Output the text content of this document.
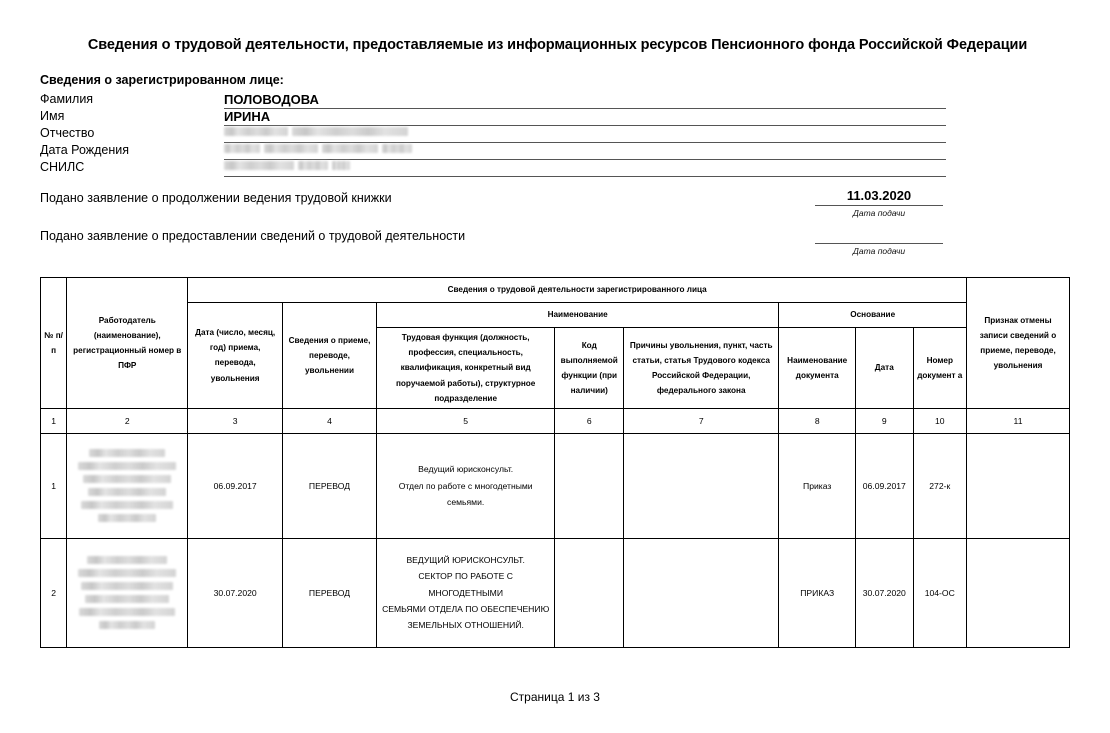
Сведения о трудовой деятельности, предоставляемые из информационных ресурсов Пенсионного фонда Российской Федерации
Сведения о зарегистрированном лице:
Фамилия	ПОЛОВОДОВА
Имя	ИРИНА
Отчество
Дата Рождения
СНИЛС
Подано заявление о продолжении ведения трудовой книжки	11.03.2020
Дата подачи
Подано заявление о предоставлении сведений о трудовой деятельности
Дата подачи
№ п/п	Работодатель (наименование), регистрационный номер в ПФР	Сведения о трудовой деятельности зарегистрированного лица								Признак отмены записи сведений о приеме, переводе, увольнения
		Дата (число, месяц, год) приема, перевода, увольнения	Сведения о приеме, переводе, увольнении	Наименование			Основание			
				Трудовая функция (должность, профессия, специальность, квалификация, конкретный вид поручаемой работы), структурное подразделение	Код выполняемой функции (при наличии)	Причины увольнения, пункт, часть статьи, статья Трудового кодекса Российской Федерации, федерального закона	Наименование документа	Дата	Номер документ а	
1	2	3	4	5	6	7	8	9	10	11
1		06.09.2017	ПЕРЕВОД	Ведущий юрисконсульт.
Отдел по работе с многодетными семьями.			Приказ	06.09.2017	272-к	
2		30.07.2020	ПЕРЕВОД	ВЕДУЩИЙ ЮРИСКОНСУЛЬТ.
СЕКТОР ПО РАБОТЕ С МНОГОДЕТНЫМИ
СЕМЬЯМИ ОТДЕЛА ПО ОБЕСПЕЧЕНИЮ
ЗЕМЕЛЬНЫХ ОТНОШЕНИЙ.			ПРИКАЗ	30.07.2020	104-ОС	
Страница 1 из 3
